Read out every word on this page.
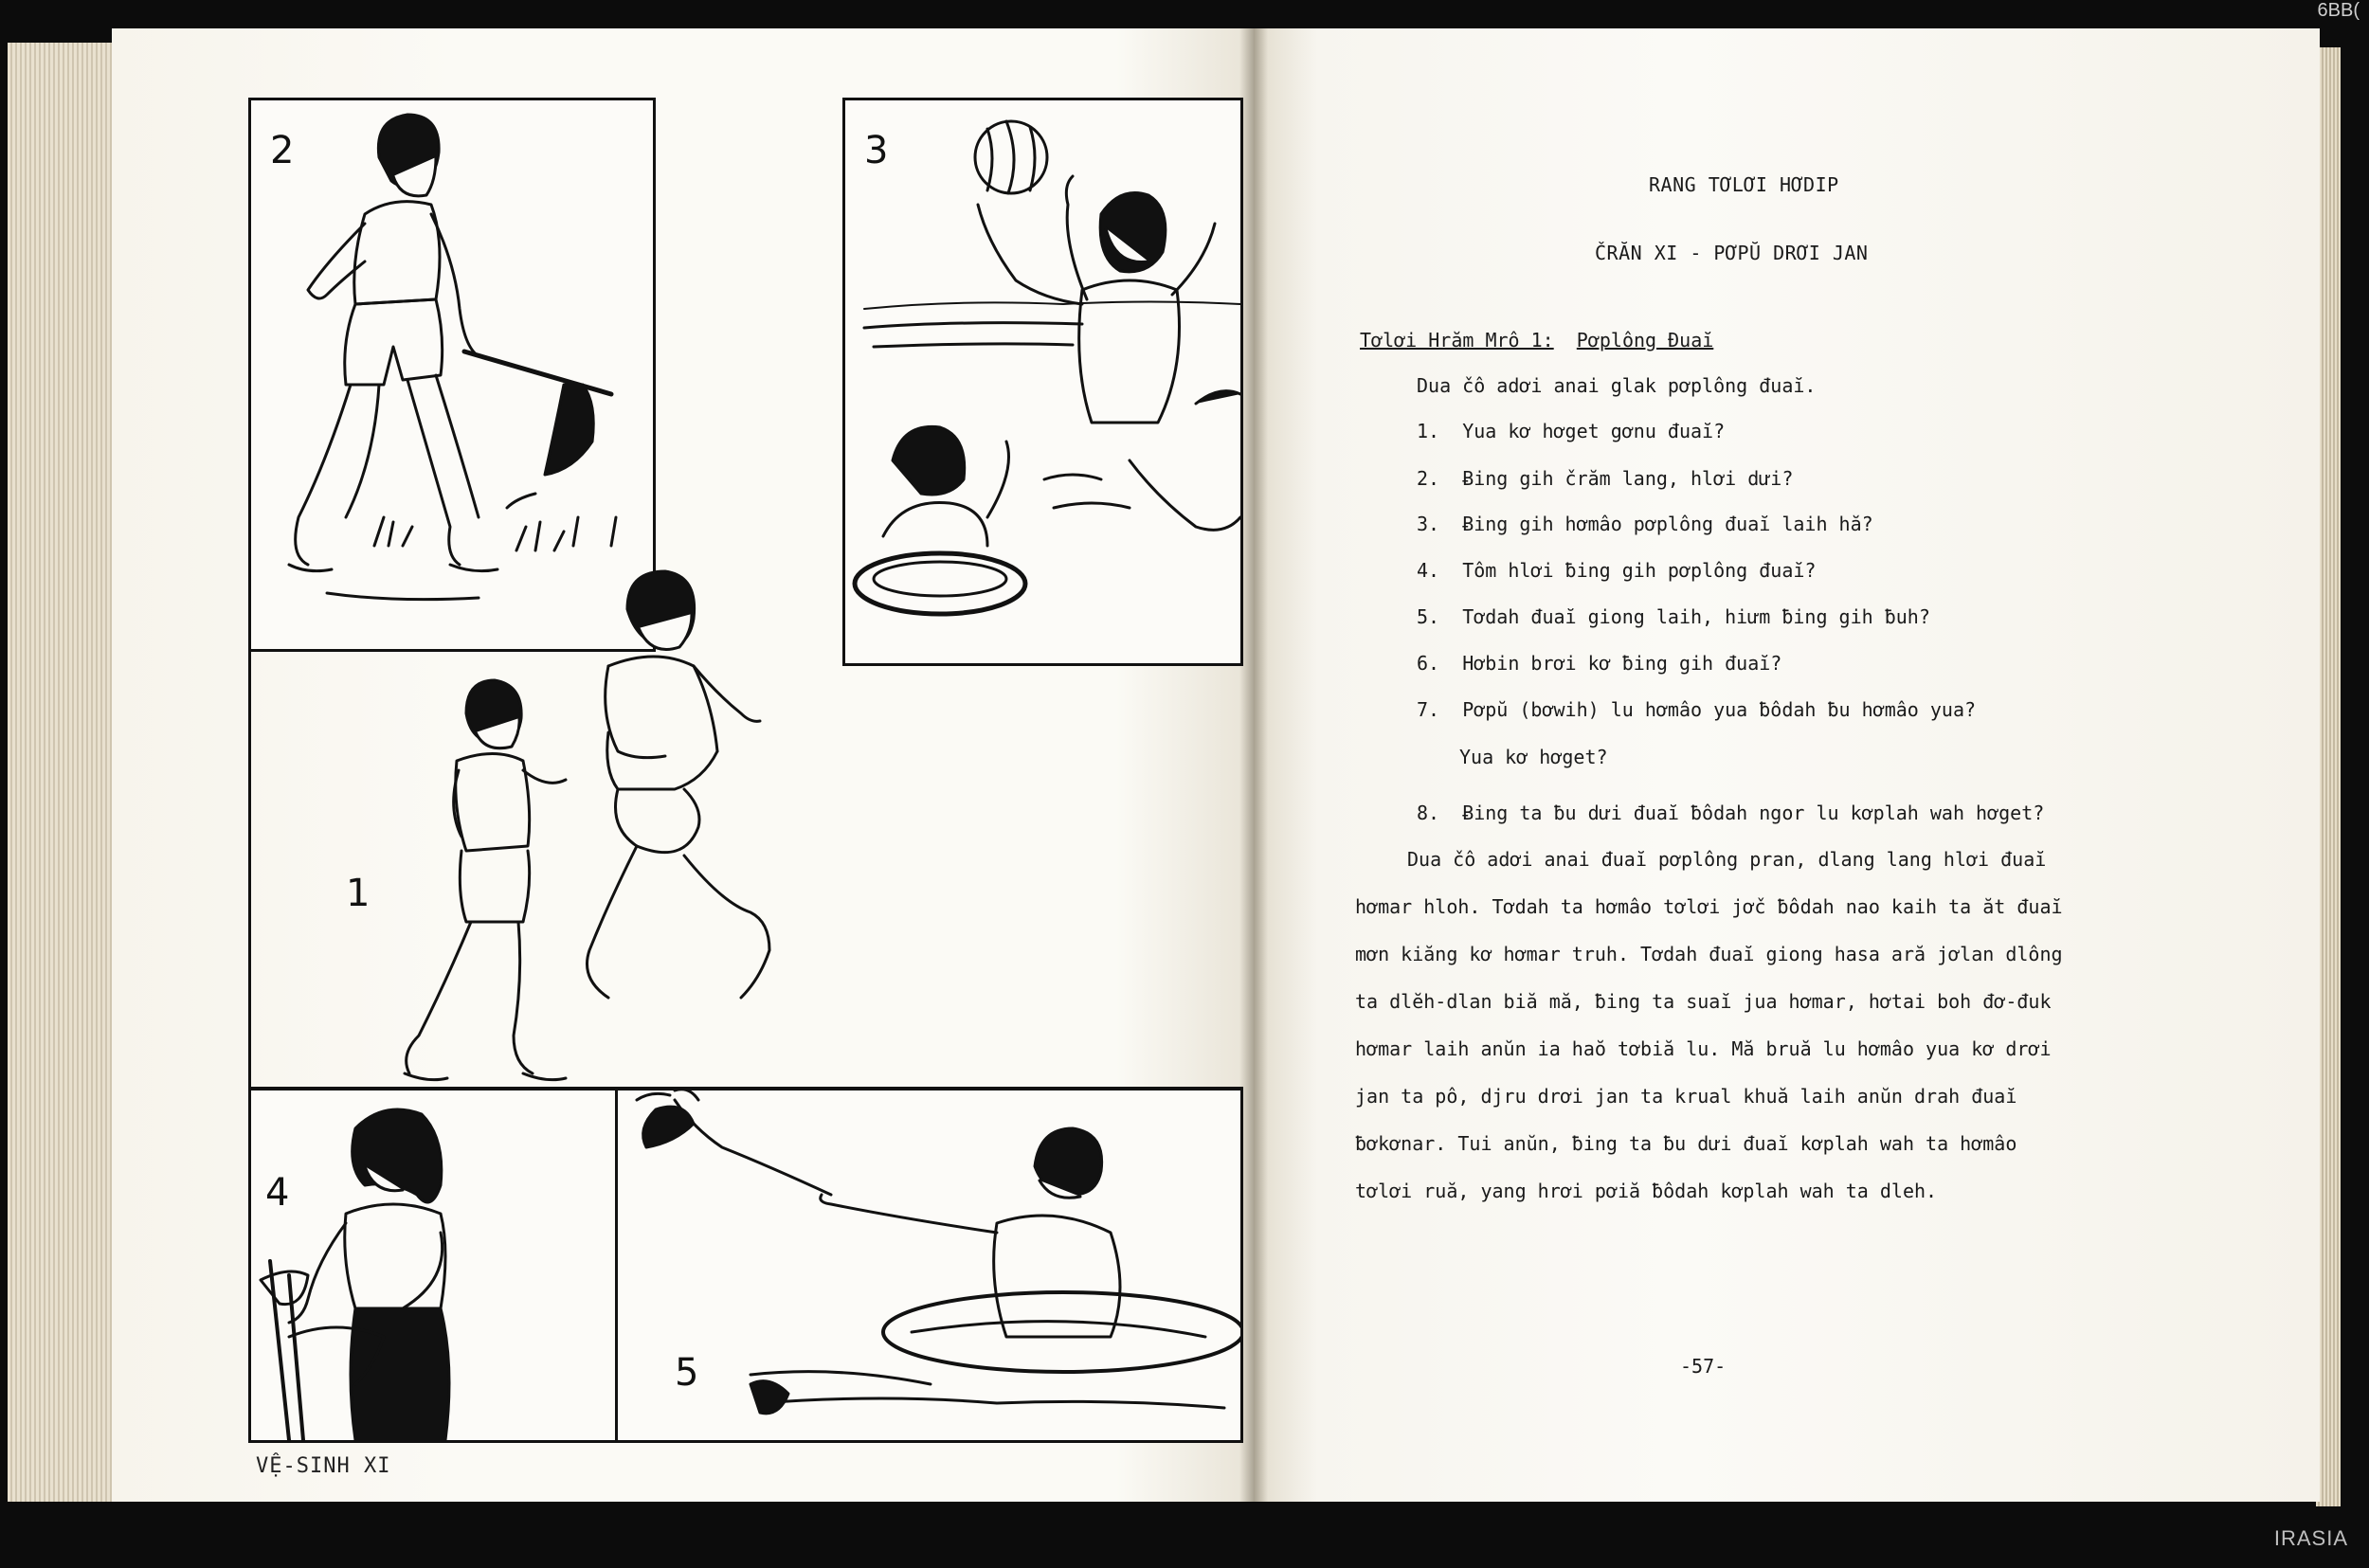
6BB(
2	3
1
4
5
VỆ-SINH XI
RANG TƠLƠI HƠDIP
ČRĂN XI - PƠPŬ DRƠI JAN
Tơlơi Hrăm Mrô 1: Pơplông Đuaĭ
Dua čô adơi anai glak pơplông đuaĭ.
1. Yua kơ hơget gơnu đuaĭ?
2. Ƀing gih črăm lang, hlơi dưi?
3. Ƀing gih hơmâo pơplông đuaĭ laih hă?
4. Tôm hlơi ƀing gih pơplông đuaĭ?
5. Tơdah đuaĭ giong laih, hiưm ƀing gih ƀuh?
6. Hơbin brơi kơ ƀing gih đuaĭ?
7. Pơpŭ (bơwih) lu hơmâo yua ƀôdah ƀu hơmâo yua?
Yua kơ hơget?
8. Ƀing ta ƀu dưi đuaĭ ƀôdah ngor lu kơplah wah hơget?
Dua čô adơi anai đuaĭ pơplông pran, dlang lang hlơi đuaĭ
hơmar hloh. Tơdah ta hơmâo tơlơi jơč ƀôdah nao kaih ta ăt đuaĭ
mơn kiăng kơ hơmar truh. Tơdah đuaĭ giong hasa ară jơlan dlông
ta dlĕh-dlan biă mă, ƀing ta suaĭ jua hơmar, hơtai boh đơ-đuk
hơmar laih anŭn ia haŏ tơbiă lu. Mă bruă lu hơmâo yua kơ drơi
jan ta pô, djru drơi jan ta krual khuă laih anŭn drah đuaĭ
ƀơkơnar. Tui anŭn, ƀing ta ƀu dưi đuaĭ kơplah wah ta hơmâo
tơlơi ruă, yang hrơi pơiă ƀôdah kơplah wah ta dleh.
-57-
IRASIA
